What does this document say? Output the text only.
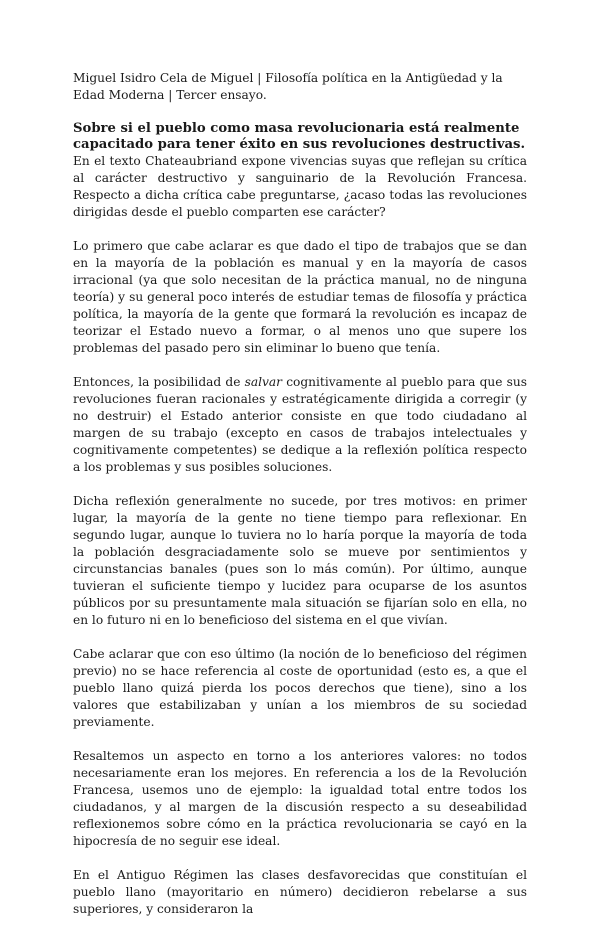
Miguel Isidro Cela de Miguel | Filosofía política en la Antigüedad y la Edad Moderna | Tercer ensayo.
Sobre si el pueblo como masa revolucionaria está realmente capacitado para tener éxito en sus revoluciones destructivas.

En el texto Chateaubriand expone vivencias suyas que reflejan su crítica al carácter destructivo y sanguinario de la Revolución Francesa. Respecto a dicha crítica cabe preguntarse, ¿acaso todas las revoluciones dirigidas desde el pueblo comparten ese carácter?

Lo primero que cabe aclarar es que dado el tipo de trabajos que se dan en la mayoría de la población es manual y en la mayoría de casos irracional (ya que solo necesitan de la práctica manual, no de ninguna teoría) y su general poco interés de estudiar temas de filosofía y práctica política, la mayoría de la gente que formará la revolución es incapaz de teorizar el Estado nuevo a formar, o al menos uno que supere los problemas del pasado pero sin eliminar lo bueno que tenía.

Entonces, la posibilidad de salvar cognitivamente al pueblo para que sus revoluciones fueran racionales y estratégicamente dirigida a corregir (y no destruir) el Estado anterior consiste en que todo ciudadano al margen de su trabajo (excepto en casos de trabajos intelectuales y cognitivamente competentes) se dedique a la reflexión política respecto a los problemas y sus posibles soluciones.

Dicha reflexión generalmente no sucede, por tres motivos: en primer lugar, la mayoría de la gente no tiene tiempo para reflexionar. En segundo lugar, aunque lo tuviera no lo haría porque la mayoría de toda la población desgraciadamente solo se mueve por sentimientos y circunstancias banales (pues son lo más común). Por último, aunque tuvieran el suficiente tiempo y lucidez para ocuparse de los asuntos públicos por su presuntamente mala situación se fijarían solo en ella, no en lo futuro ni en lo beneficioso del sistema en el que vivían.

Cabe aclarar que con eso último (la noción de lo beneficioso del régimen previo) no se hace referencia al coste de oportunidad (esto es, a que el pueblo llano quizá pierda los pocos derechos que tiene), sino a los valores que estabilizaban y unían a los miembros de su sociedad previamente.

Resaltemos un aspecto en torno a los anteriores valores: no todos necesariamente eran los mejores. En referencia a los de la Revolución Francesa, usemos uno de ejemplo: la igualdad total entre todos los ciudadanos, y al margen de la discusión respecto a su deseabilidad reflexionemos sobre cómo en la práctica revolucionaria se cayó en la hipocresía de no seguir ese ideal.

En el Antiguo Régimen las clases desfavorecidas que constituían el pueblo llano (mayoritario en número) decidieron rebelarse a sus superiores, y consideraron la
